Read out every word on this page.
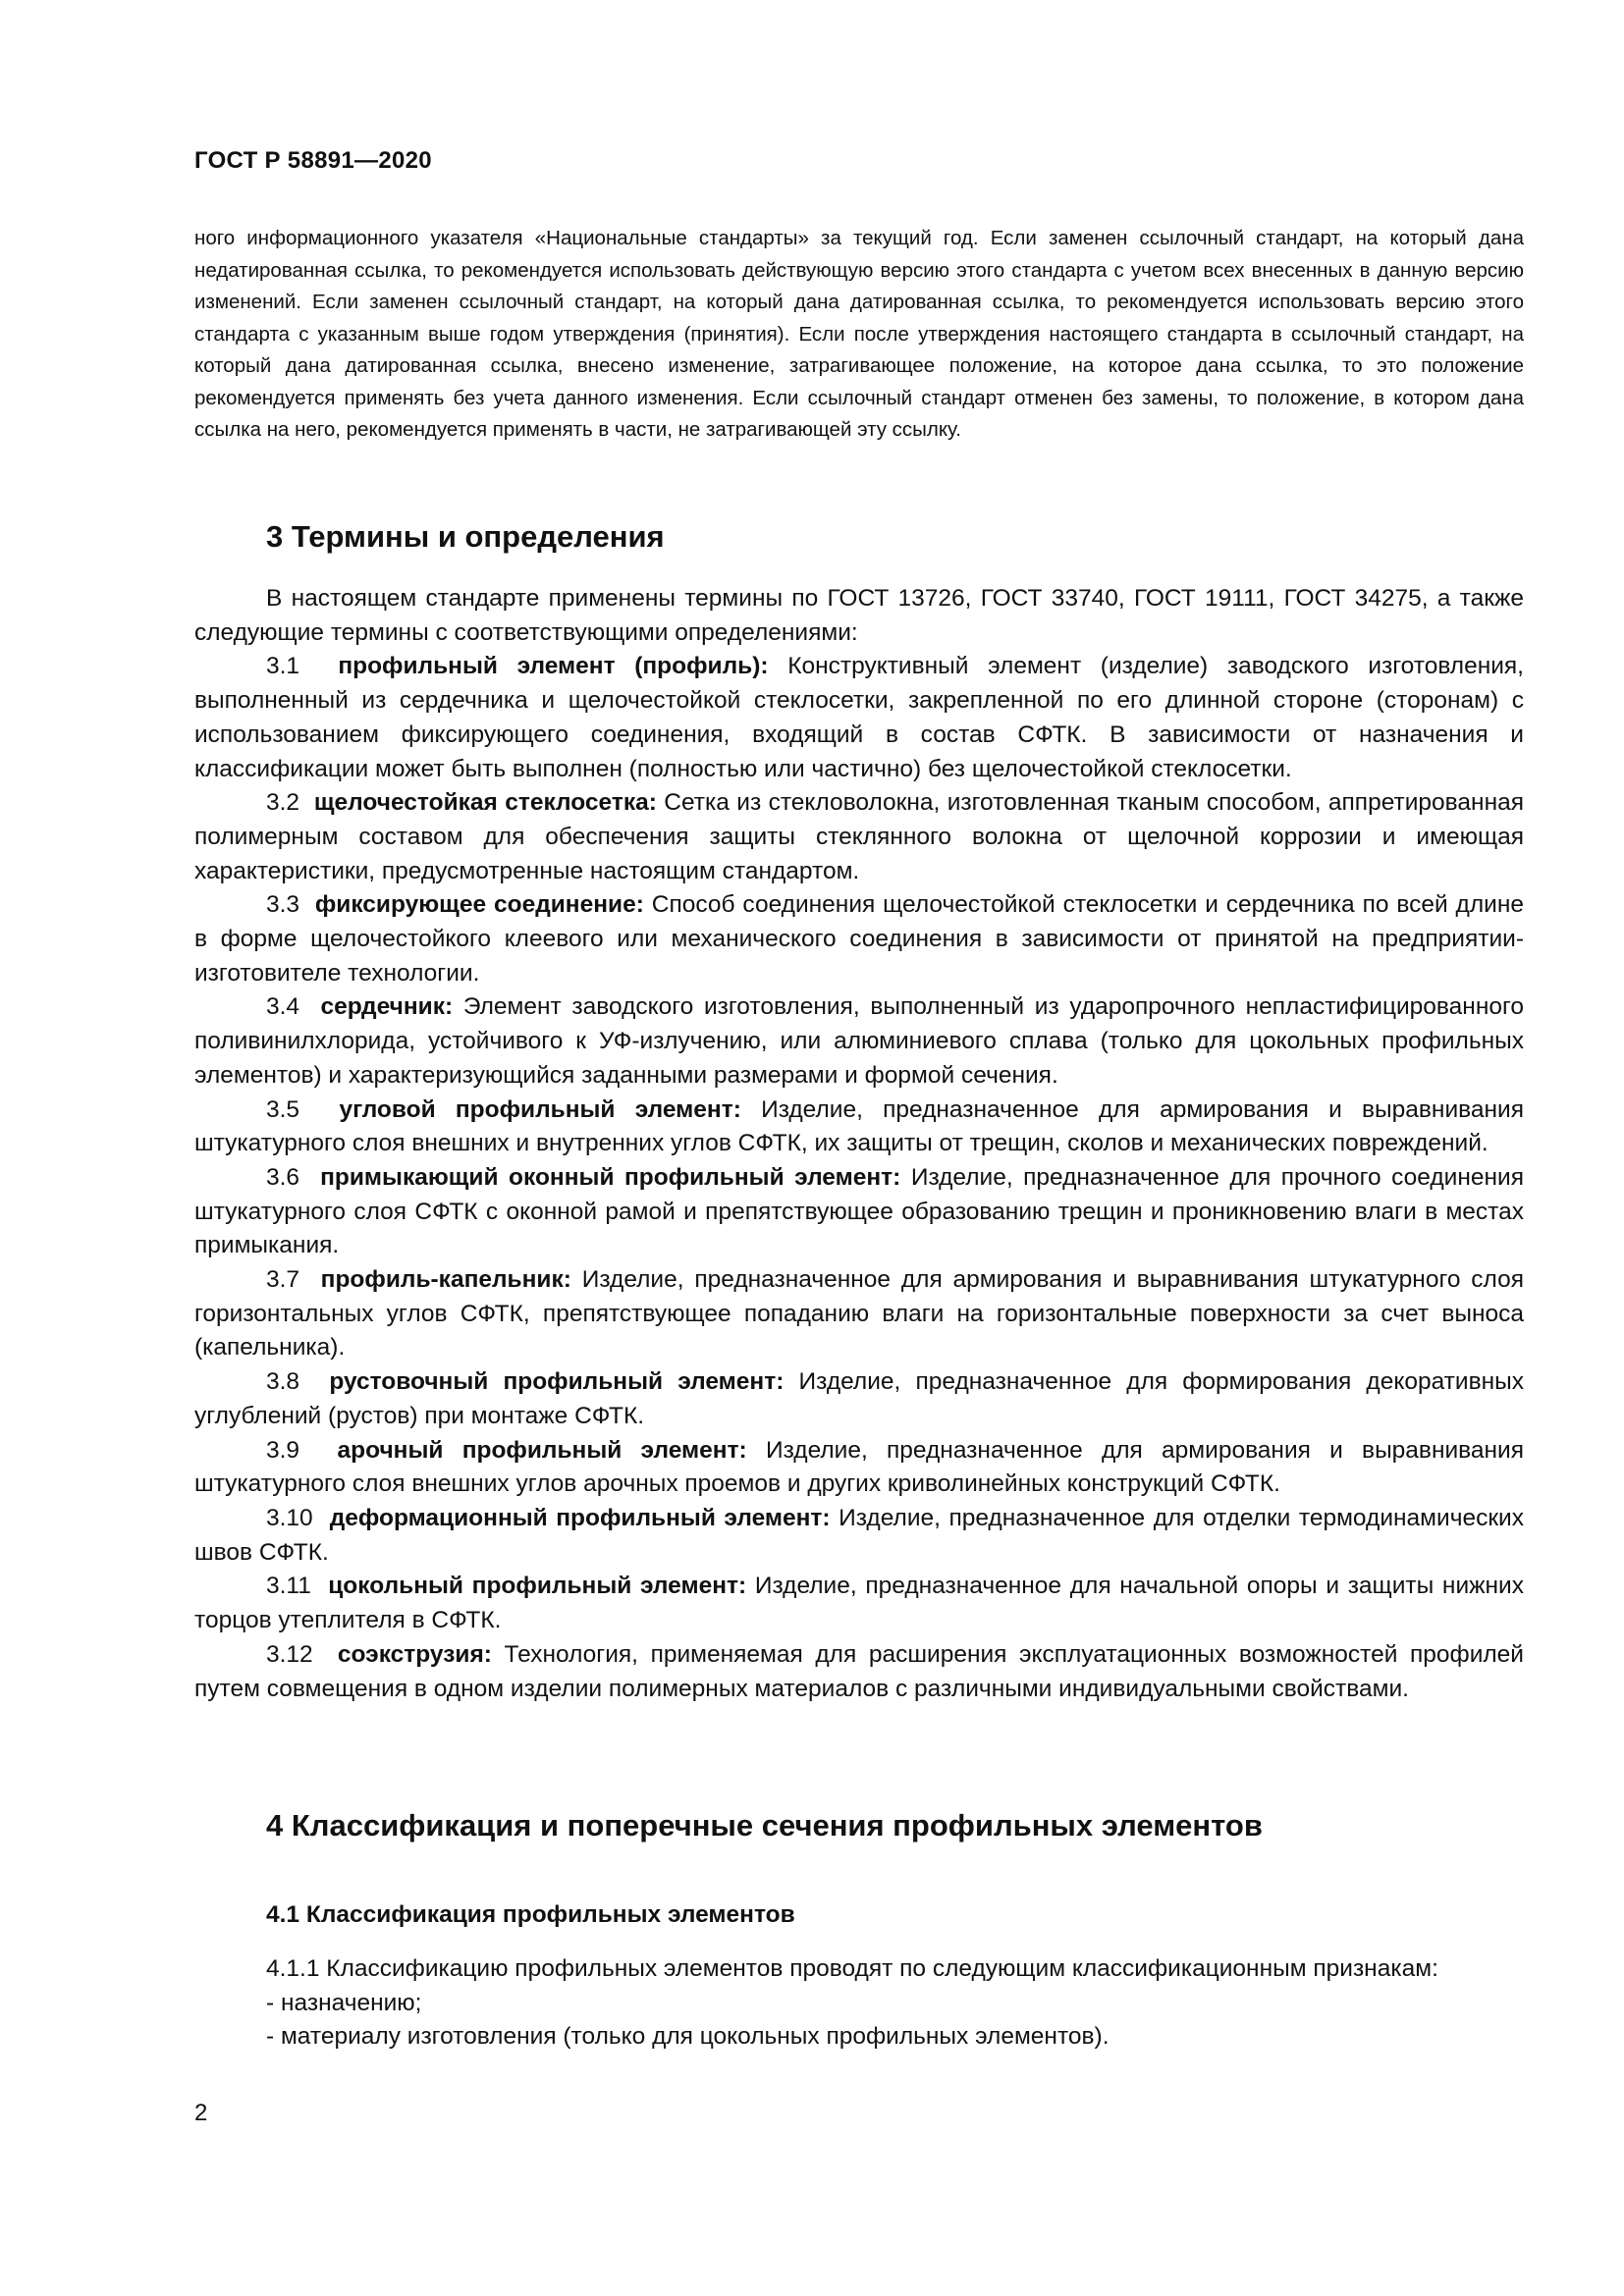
ГОСТ Р 58891—2020
ного информационного указателя «Национальные стандарты» за текущий год. Если заменен ссылочный стандарт, на который дана недатированная ссылка, то рекомендуется использовать действующую версию этого стандарта с учетом всех внесенных в данную версию изменений. Если заменен ссылочный стандарт, на который дана датированная ссылка, то рекомендуется использовать версию этого стандарта с указанным выше годом утверждения (принятия). Если после утверждения настоящего стандарта в ссылочный стандарт, на который дана датированная ссылка, внесено изменение, затрагивающее положение, на которое дана ссылка, то это положение рекомендуется применять без учета данного изменения. Если ссылочный стандарт отменен без замены, то положение, в котором дана ссылка на него, рекомендуется применять в части, не затрагивающей эту ссылку.
3 Термины и определения

В настоящем стандарте применены термины по ГОСТ 13726, ГОСТ 33740, ГОСТ 19111, ГОСТ 34275, а также следующие термины с соответствующими определениями:

3.1 профильный элемент (профиль): Конструктивный элемент (изделие) заводского изготовления, выполненный из сердечника и щелочестойкой стеклосетки, закрепленной по его длинной стороне (сторонам) с использованием фиксирующего соединения, входящий в состав СФТК. В зависимости от назначения и классификации может быть выполнен (полностью или частично) без щелочестойкой стеклосетки.

3.2 щелочестойкая стеклосетка: Сетка из стекловолокна, изготовленная тканым способом, аппретированная полимерным составом для обеспечения защиты стеклянного волокна от щелочной коррозии и имеющая характеристики, предусмотренные настоящим стандартом.

3.3 фиксирующее соединение: Способ соединения щелочестойкой стеклосетки и сердечника по всей длине в форме щелочестойкого клеевого или механического соединения в зависимости от принятой на предприятии-изготовителе технологии.

3.4 сердечник: Элемент заводского изготовления, выполненный из ударопрочного непластифицированного поливинилхлорида, устойчивого к УФ-излучению, или алюминиевого сплава (только для цокольных профильных элементов) и характеризующийся заданными размерами и формой сечения.

3.5 угловой профильный элемент: Изделие, предназначенное для армирования и выравнивания штукатурного слоя внешних и внутренних углов СФТК, их защиты от трещин, сколов и механических повреждений.

3.6 примыкающий оконный профильный элемент: Изделие, предназначенное для прочного соединения штукатурного слоя СФТК с оконной рамой и препятствующее образованию трещин и проникновению влаги в местах примыкания.

3.7 профиль-капельник: Изделие, предназначенное для армирования и выравнивания штукатурного слоя горизонтальных углов СФТК, препятствующее попаданию влаги на горизонтальные поверхности за счет выноса (капельника).

3.8 рустовочный профильный элемент: Изделие, предназначенное для формирования декоративных углублений (рустов) при монтаже СФТК.

3.9 арочный профильный элемент: Изделие, предназначенное для армирования и выравнивания штукатурного слоя внешних углов арочных проемов и других криволинейных конструкций СФТК.

3.10 деформационный профильный элемент: Изделие, предназначенное для отделки термодинамических швов СФТК.

3.11 цокольный профильный элемент: Изделие, предназначенное для начальной опоры и защиты нижних торцов утеплителя в СФТК.

3.12 соэкструзия: Технология, применяемая для расширения эксплуатационных возможностей профилей путем совмещения в одном изделии полимерных материалов с различными индивидуальными свойствами.

4 Классификация и поперечные сечения профильных элементов
4.1 Классификация профильных элементов

4.1.1 Классификацию профильных элементов проводят по следующим классификационным признакам:

- назначению;
- материалу изготовления (только для цокольных профильных элементов).
2
